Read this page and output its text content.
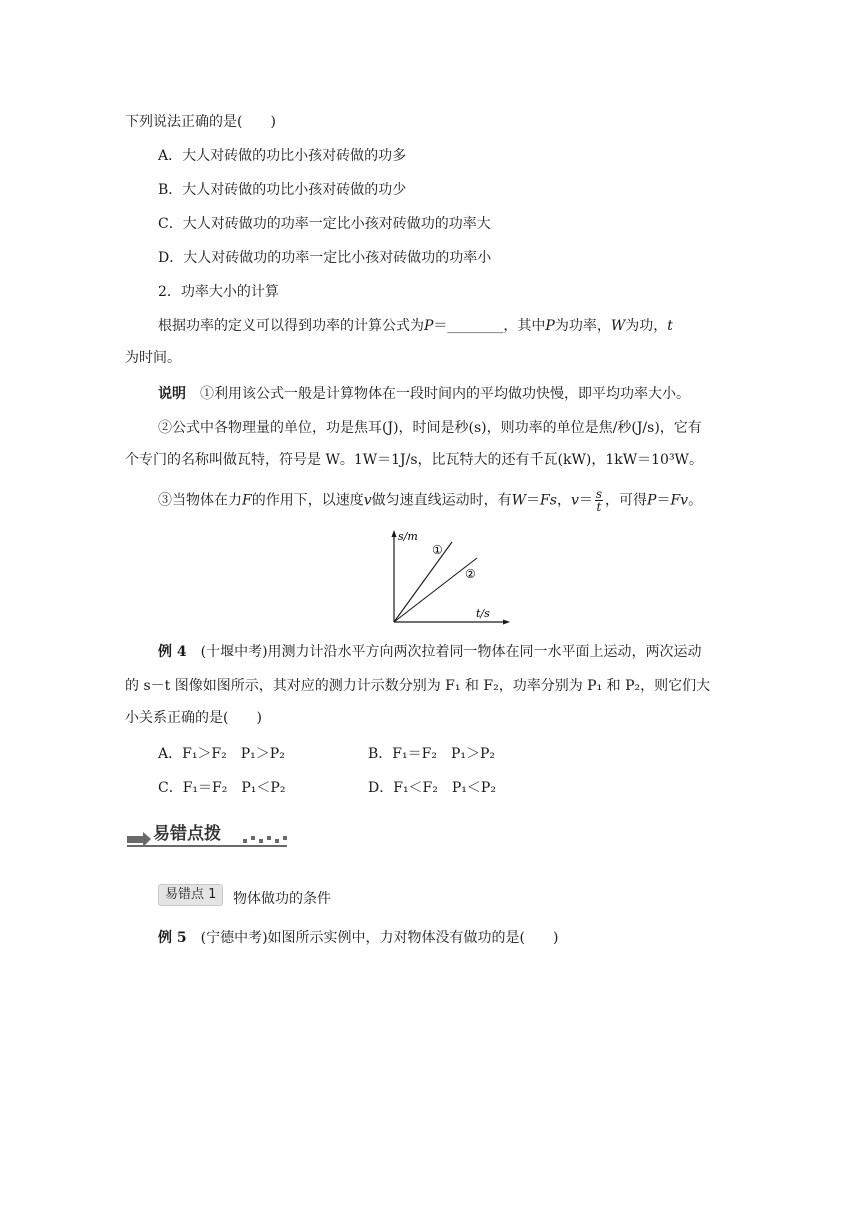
下列说法正确的是(　　)
A．大人对砖做的功比小孩对砖做的功多
B．大人对砖做的功比小孩对砖做的功少
C．大人对砖做功的功率一定比小孩对砖做功的功率大
D．大人对砖做功的功率一定比小孩对砖做功的功率小
2．功率大小的计算
根据功率的定义可以得到功率的计算公式为P＝________，其中P为功率，W为功，t
为时间。
说明　 ①利用该公式一般是计算物体在一段时间内的平均做功快慢，即平均功率大小。
②公式中各物理量的单位，功是焦耳(J)，时间是秒(s)，则功率的单位是焦/秒(J/s)，它有
个专门的名称叫做瓦特，符号是 W。1W＝1J/s，比瓦特大的还有千瓦(kW)，1kW＝10³W。
③当物体在力F的作用下，以速度v做匀速直线运动时，有W＝Fs，$v= \frac{s}{t}$ ，可得P＝Fv。
s/m
t/s
①
②
例 4　 (十堰中考)用测力计沿水平方向两次拉着同一物体在同一水平面上运动，两次运动
的 s－t 图像如图所示，其对应的测力计示数分别为 F₁ 和 F₂，功率分别为 P₁ 和 P₂，则它们大
小关系正确的是(　　)
A．F₁＞F₂　P₁＞P₂	B．F₁＝F₂　P₁＞P₂
C．F₁＝F₂　P₁＜P₂	D．F₁＜F₂　P₁＜P₂
易错点拨
易错点 1	物体做功的条件
例 5　 (宁德中考)如图所示实例中，力对物体没有做功的是(　　)
